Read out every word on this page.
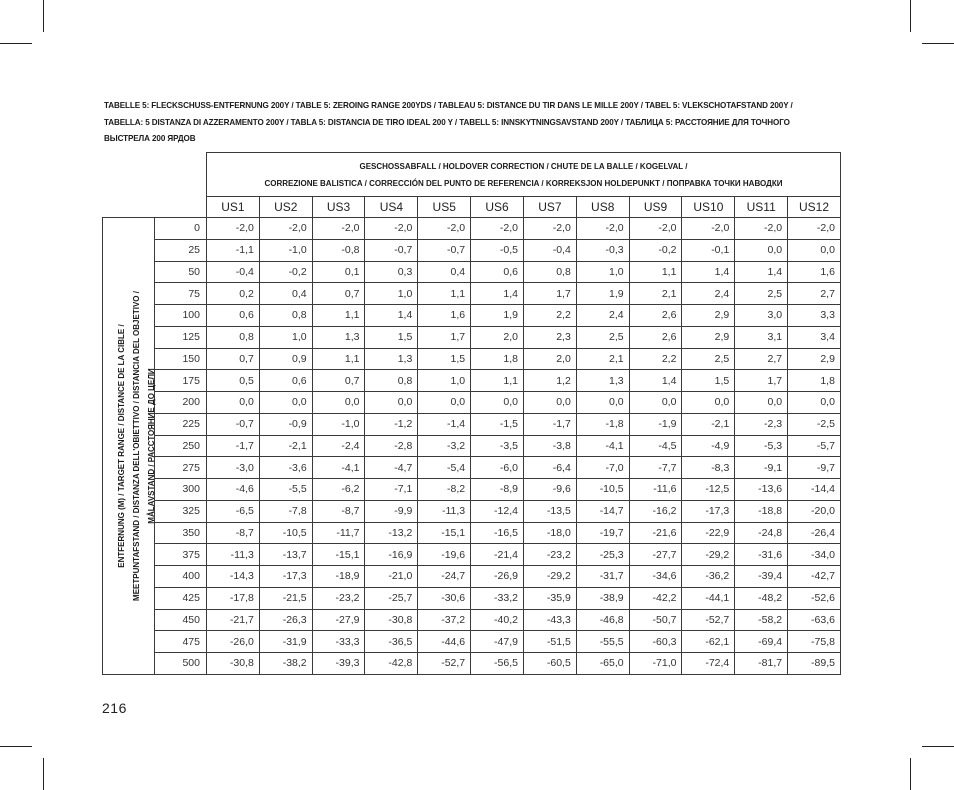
TABELLE 5: FLECKSCHUSS-ENTFERNUNG 200Y / TABLE 5: ZEROING RANGE 200YDS / TABLEAU 5: DISTANCE DU TIR DANS LE MILLE 200Y / TABEL 5: VLEKSCHOTAFSTAND 200Y / TABELLA: 5 DISTANZA DI AZZERAMENTO 200Y / TABLA 5: DISTANCIA DE TIRO IDEAL 200 Y / TABELL 5: INNSKYTNINGSAVSTAND 200Y / ТАБЛИЦА 5: РАССТОЯНИЕ ДЛЯ ТОЧНОГО ВЫСТРЕЛА 200 ЯРДОВ

		GESCHOSSABFALL / HOLDOVER CORRECTION / CHUTE DE LA BALLE / KOGELVAL /
CORREZIONE BALISTICA / CORRECCIÓN DEL PUNTO DE REFERENCIA / KORREKSJON HOLDEPUNKT / ПОПРАВКА ТОЧКИ НАВОДКИ											

		US1	US2	US3	US4	US5	US6	US7	US8	US9	US10	US11	US12

ENTFERNUNG (M) / TARGET RANGE / DISTANCE DE LA CIBLE / MEETPUNTAFSTAND / DISTANZA DELL'OBIETTIVO / DISTANCIA DEL OBJETIVO / MÅLAVSTAND / РАССТОЯНИЕ ДО ЦЕЛИ	0	-2,0	-2,0	-2,0	-2,0	-2,0	-2,0	-2,0	-2,0	-2,0	-2,0	-2,0	-2,0
	25	-1,1	-1,0	-0,8	-0,7	-0,7	-0,5	-0,4	-0,3	-0,2	-0,1	0,0	0,0
	50	-0,4	-0,2	0,1	0,3	0,4	0,6	0,8	1,0	1,1	1,4	1,4	1,6
	75	0,2	0,4	0,7	1,0	1,1	1,4	1,7	1,9	2,1	2,4	2,5	2,7
	100	0,6	0,8	1,1	1,4	1,6	1,9	2,2	2,4	2,6	2,9	3,0	3,3
	125	0,8	1,0	1,3	1,5	1,7	2,0	2,3	2,5	2,6	2,9	3,1	3,4
	150	0,7	0,9	1,1	1,3	1,5	1,8	2,0	2,1	2,2	2,5	2,7	2,9
	175	0,5	0,6	0,7	0,8	1,0	1,1	1,2	1,3	1,4	1,5	1,7	1,8
	200	0,0	0,0	0,0	0,0	0,0	0,0	0,0	0,0	0,0	0,0	0,0	0,0
	225	-0,7	-0,9	-1,0	-1,2	-1,4	-1,5	-1,7	-1,8	-1,9	-2,1	-2,3	-2,5
	250	-1,7	-2,1	-2,4	-2,8	-3,2	-3,5	-3,8	-4,1	-4,5	-4,9	-5,3	-5,7
	275	-3,0	-3,6	-4,1	-4,7	-5,4	-6,0	-6,4	-7,0	-7,7	-8,3	-9,1	-9,7
	300	-4,6	-5,5	-6,2	-7,1	-8,2	-8,9	-9,6	-10,5	-11,6	-12,5	-13,6	-14,4
	325	-6,5	-7,8	-8,7	-9,9	-11,3	-12,4	-13,5	-14,7	-16,2	-17,3	-18,8	-20,0
	350	-8,7	-10,5	-11,7	-13,2	-15,1	-16,5	-18,0	-19,7	-21,6	-22,9	-24,8	-26,4
	375	-11,3	-13,7	-15,1	-16,9	-19,6	-21,4	-23,2	-25,3	-27,7	-29,2	-31,6	-34,0
	400	-14,3	-17,3	-18,9	-21,0	-24,7	-26,9	-29,2	-31,7	-34,6	-36,2	-39,4	-42,7
	425	-17,8	-21,5	-23,2	-25,7	-30,6	-33,2	-35,9	-38,9	-42,2	-44,1	-48,2	-52,6
	450	-21,7	-26,3	-27,9	-30,8	-37,2	-40,2	-43,3	-46,8	-50,7	-52,7	-58,2	-63,6
	475	-26,0	-31,9	-33,3	-36,5	-44,6	-47,9	-51,5	-55,5	-60,3	-62,1	-69,4	-75,8
	500	-30,8	-38,2	-39,3	-42,8	-52,7	-56,5	-60,5	-65,0	-71,0	-72,4	-81,7	-89,5
216
